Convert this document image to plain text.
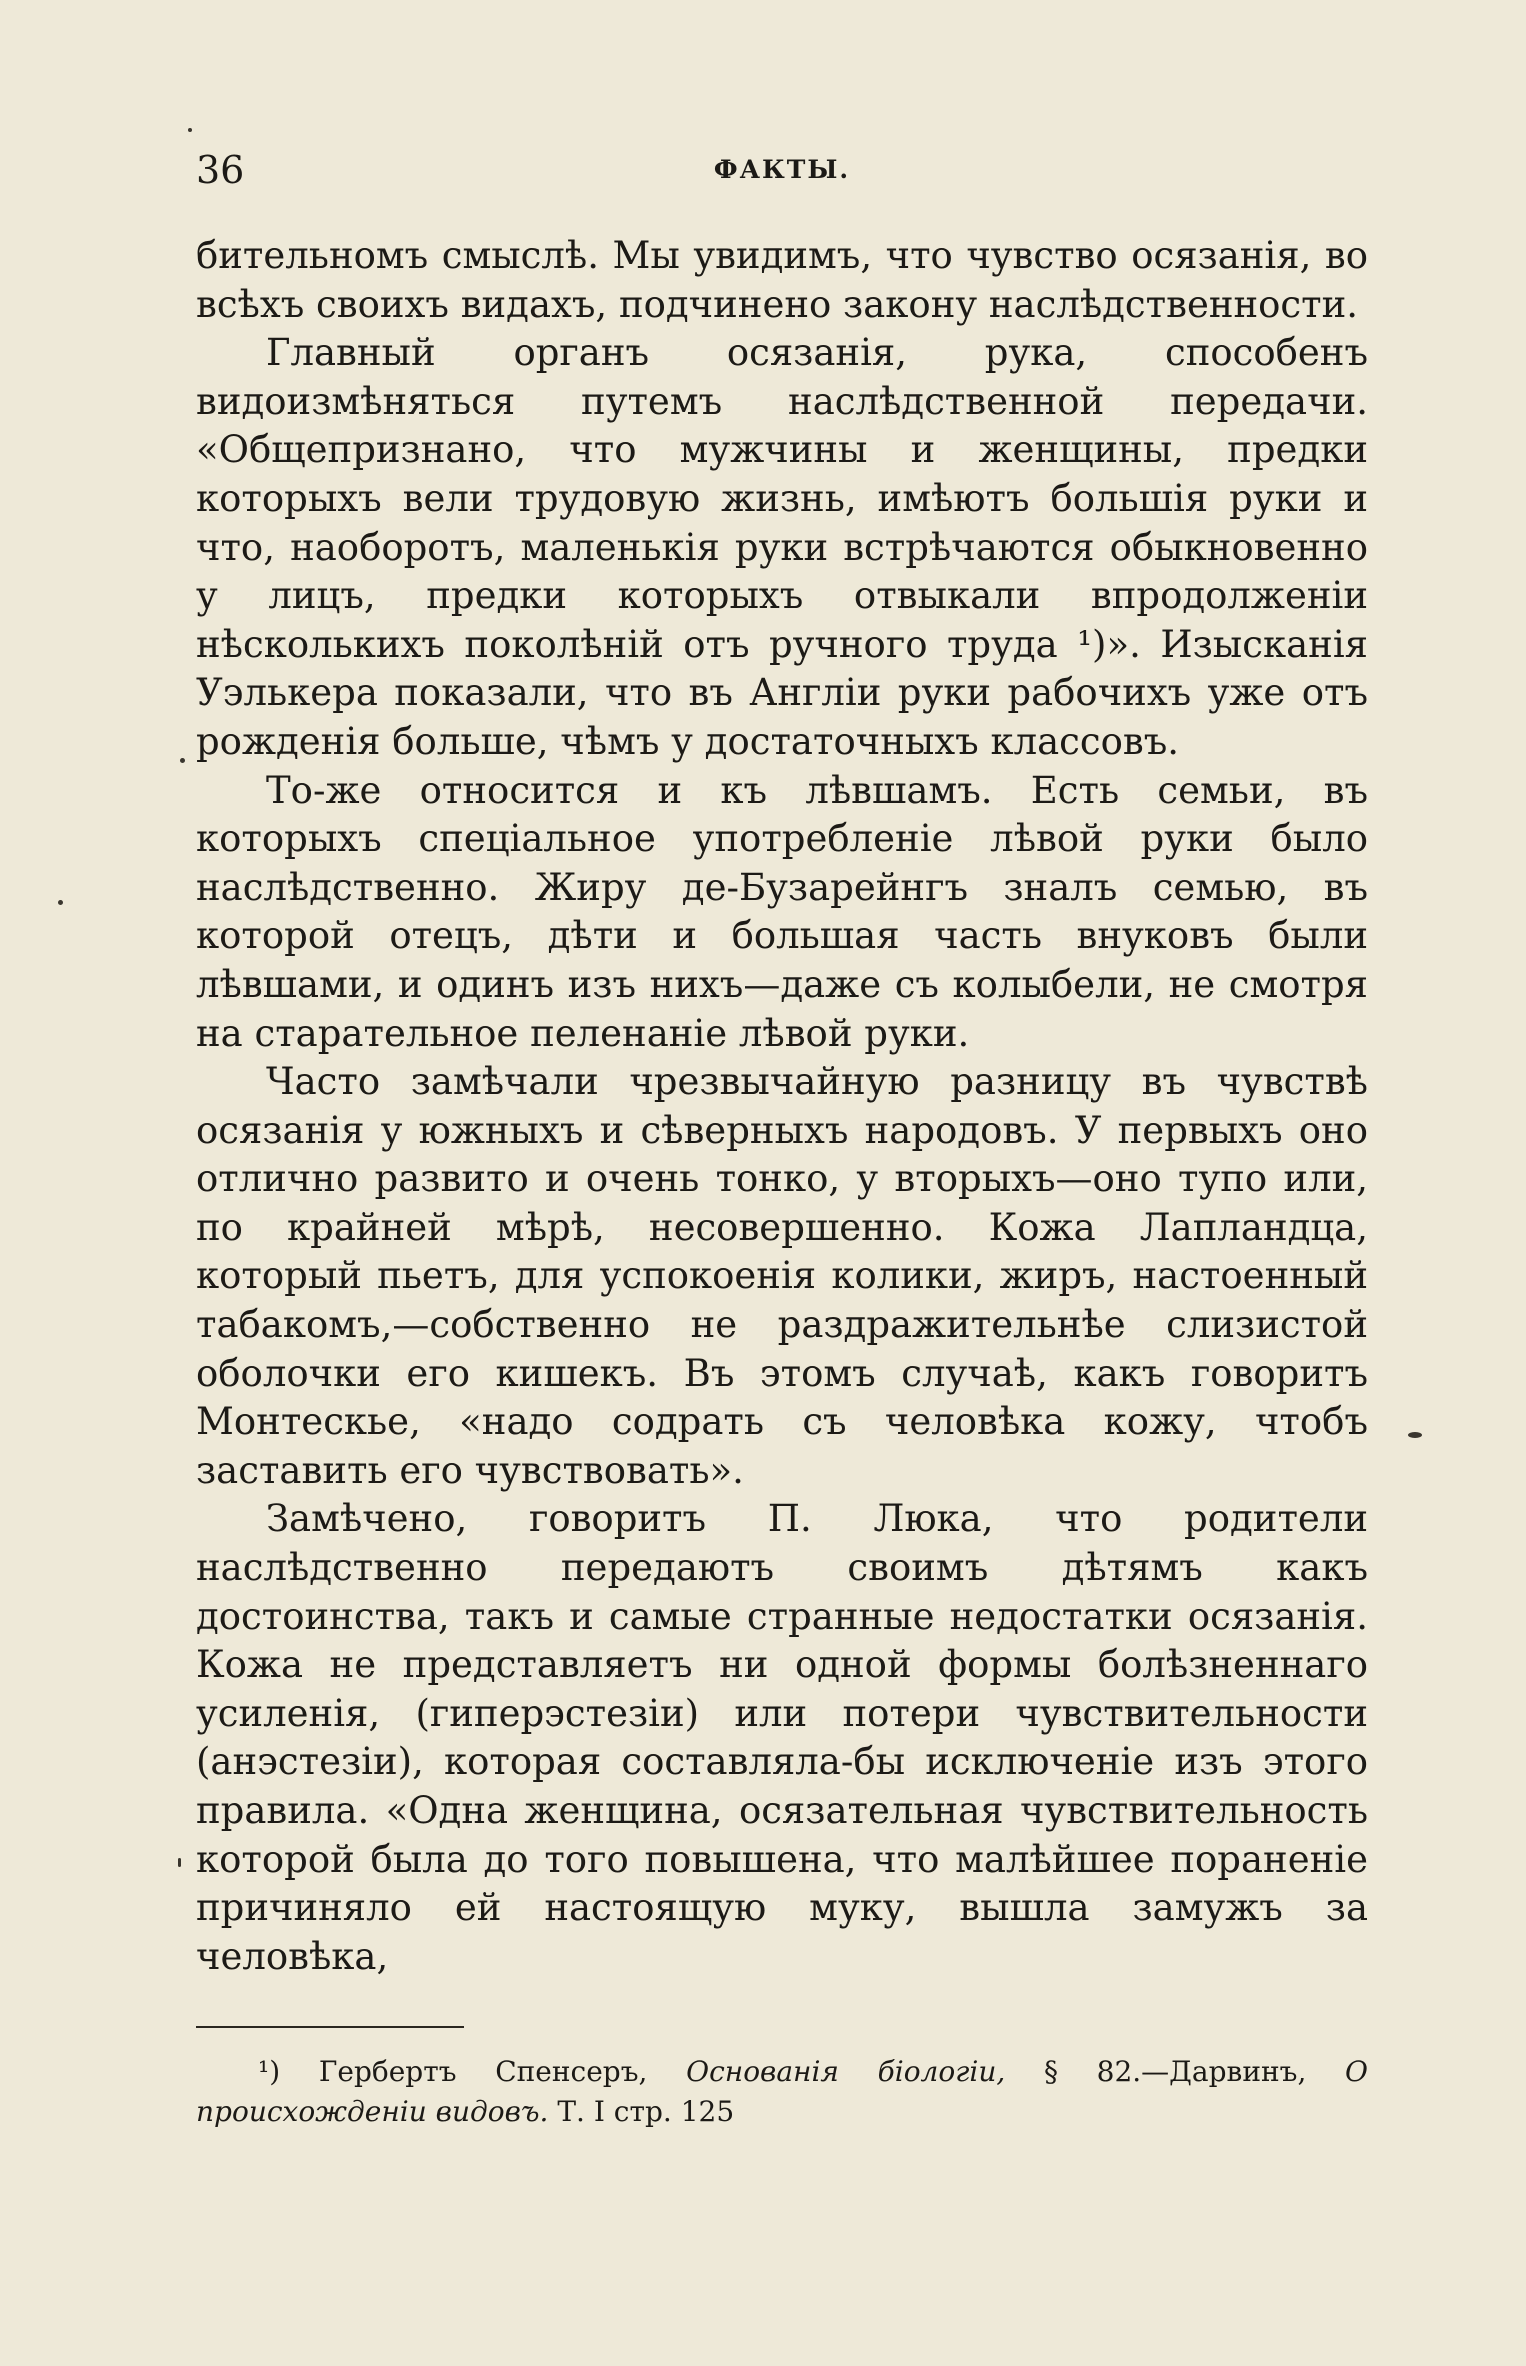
36	ФАКТЫ.

бительномъ смыслѣ. Мы увидимъ, что чувство осязанія, во всѣхъ своихъ видахъ, подчинено закону наслѣдственности.

Главный органъ осязанія, рука, способенъ видоизмѣняться путемъ наслѣдственной передачи. «Общепризнано, что мужчины и женщины, предки которыхъ вели трудовую жизнь, имѣютъ большія руки и что, наоборотъ, маленькія руки встрѣчаются обыкновенно у лицъ, предки которыхъ отвыкали впродолженіи нѣсколькихъ поколѣній отъ ручного труда ¹)». Изысканія Уэлькера показали, что въ Англіи руки рабочихъ уже отъ рожденія больше, чѣмъ у достаточныхъ классовъ.

То-же относится и къ лѣвшамъ. Есть семьи, въ которыхъ спеціальное употребленіе лѣвой руки было наслѣдственно. Жиру де-Бузарейнгъ зналъ семью, въ которой отецъ, дѣти и большая часть внуковъ были лѣвшами, и одинъ изъ нихъ—даже съ колыбели, не смотря на старательное пеленаніе лѣвой руки.

Часто замѣчали чрезвычайную разницу въ чувствѣ осязанія у южныхъ и сѣверныхъ народовъ. У первыхъ оно отлично развито и очень тонко, у вторыхъ—оно тупо или, по крайней мѣрѣ, несовершенно. Кожа Лапландца, который пьетъ, для успокоенія колики, жиръ, настоенный табакомъ,—собственно не раздражительнѣе слизистой оболочки его кишекъ. Въ этомъ случаѣ, какъ говоритъ Монтескье, «надо содрать съ человѣка кожу, чтобъ заставить его чувствовать».

Замѣчено, говоритъ П. Люка, что родители наслѣдственно передаютъ своимъ дѣтямъ какъ достоинства, такъ и самые странные недостатки осязанія. Кожа не представляетъ ни одной формы болѣзненнаго усиленія, (гиперэстезіи) или потери чувствительности (анэстезіи), которая составляла-бы исключеніе изъ этого правила. «Одна женщина, осязательная чувствительность которой была до того повышена, что малѣйшее пораненіе причиняло ей настоящую муку, вышла замужъ за человѣка,

¹) Гербертъ Спенсеръ, Основанія біологіи, § 82.—Дарвинъ, О происхожденіи видовъ. Т. I стр. 125
